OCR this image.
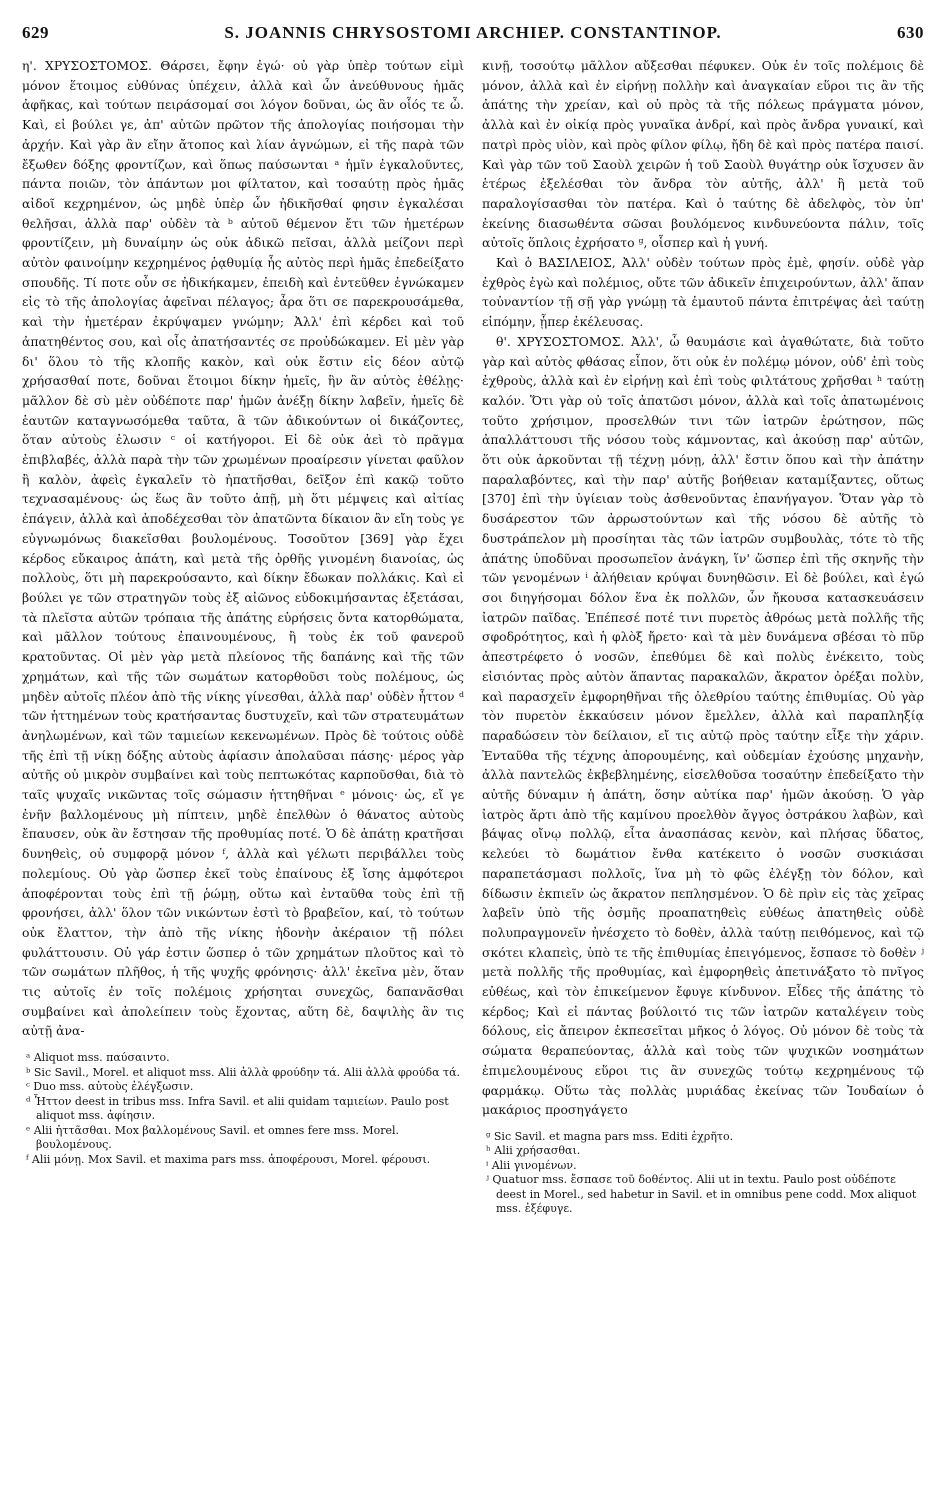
629	S. JOANNIS CHRYSOSTOMI ARCHIEP. CONSTANTINOP.	630

η'. ΧΡΥΣΟΣΤΟΜΟΣ. Θάρσει, ἔφην ἐγώ· οὐ γὰρ ὑπὲρ τούτων εἰμὶ μόνον ἕτοιμος εὐθύνας ὑπέχειν, ἀλλὰ καὶ ὧν ἀνεύθυνους ἡμᾶς ἀφῆκας, καὶ τούτων πειράσομαί σοι λόγον δοῦναι, ὡς ἂν οἷός τε ὦ. Καὶ, εἰ βούλει γε, ἀπ' αὐτῶν πρῶτον τῆς ἀπολογίας ποιήσομαι τὴν ἀρχήν. Καὶ γὰρ ἂν εἴην ἄτοπος καὶ λίαν ἀγνώμων, εἰ τῆς παρὰ τῶν ἔξωθεν δόξης φροντίζων, καὶ ὅπως παύσωνται ᵃ ἡμῖν ἐγκαλοῦντες, πάντα ποιῶν, τὸν ἁπάντων μοι φίλτατον, καὶ τοσαύτῃ πρὸς ἡμᾶς αἰδοῖ κεχρημένον, ὡς μηδὲ ὑπὲρ ὧν ἠδικῆσθαί φησιν ἐγκαλέσαι θελῆσαι, ἀλλὰ παρ' οὐδὲν τὰ ᵇ αὐτοῦ θέμενον ἔτι τῶν ἡμετέρων φροντίζειν, μὴ δυναίμην ὡς οὐκ ἀδικῶ πεῖσαι, ἀλλὰ μείζονι περὶ αὐτὸν φαινοίμην κεχρημένος ῥᾳθυμίᾳ ἧς αὐτὸς περὶ ἡμᾶς ἐπεδείξατο σπουδῆς. Τί ποτε οὖν σε ἠδικήκαμεν, ἐπειδὴ καὶ ἐντεῦθεν ἐγνώκαμεν εἰς τὸ τῆς ἀπολογίας ἀφεῖναι πέλαγος; ἆρα ὅτι σε παρεκρουσάμεθα, καὶ τὴν ἡμετέραν ἐκρύψαμεν γνώμην; Ἀλλ' ἐπὶ κέρδει καὶ τοῦ ἀπατηθέντος σου, καὶ οἷς ἀπατήσαντές σε προὐδώκαμεν. Εἰ μὲν γὰρ δι' ὅλου τὸ τῆς κλοπῆς κακὸν, καὶ οὐκ ἔστιν εἰς δέον αὐτῷ χρήσασθαί ποτε, δοῦναι ἕτοιμοι δίκην ἡμεῖς, ἣν ἂν αὐτὸς ἐθέλῃς· μᾶλλον δὲ σὺ μὲν οὐδέποτε παρ' ἡμῶν ἀνέξῃ δίκην λαβεῖν, ἡμεῖς δὲ ἑαυτῶν καταγνωσόμεθα ταῦτα, ἃ τῶν ἀδικούντων οἱ δικάζοντες, ὅταν αὐτοὺς ἐλωσιν ᶜ οἱ κατήγοροι. Εἰ δὲ οὐκ ἀεὶ τὸ πρᾶγμα ἐπιβλαβές, ἀλλὰ παρὰ τὴν τῶν χρωμένων προαίρεσιν γίνεται φαῦλον ἢ καλὸν, ἀφεὶς ἐγκαλεῖν τὸ ἠπατῆσθαι, δεῖξον ἐπὶ κακῷ τοῦτο τεχνασαμένους· ὡς ἕως ἂν τοῦτο ἀπῇ, μὴ ὅτι μέμψεις καὶ αἰτίας ἐπάγειν, ἀλλὰ καὶ ἀποδέχεσθαι τὸν ἀπατῶντα δίκαιον ἂν εἴη τοὺς γε εὐγνωμόνως διακεῖσθαι βουλομένους. Τοσοῦτον [369] γὰρ ἔχει κέρδος εὔκαιρος ἀπάτη, καὶ μετὰ τῆς ὀρθῆς γινομένη διανοίας, ὡς πολλοὺς, ὅτι μὴ παρεκρούσαντο, καὶ δίκην ἔδωκαν πολλάκις. Καὶ εἰ βούλει γε τῶν στρατηγῶν τοὺς ἐξ αἰῶνος εὐδοκιμήσαντας ἐξετάσαι, τὰ πλεῖστα αὐτῶν τρόπαια τῆς ἀπάτης εὑρήσεις ὄντα κατορθώματα, καὶ μᾶλλον τούτους ἐπαινουμένους, ἢ τοὺς ἐκ τοῦ φανεροῦ κρατοῦντας. Οἱ μὲν γὰρ μετὰ πλείονος τῆς δαπάνης καὶ τῆς τῶν χρημάτων, καὶ τῆς τῶν σωμάτων κατορθοῦσι τοὺς πολέμους, ὡς μηδὲν αὐτοῖς πλέον ἀπὸ τῆς νίκης γίνεσθαι, ἀλλὰ παρ' οὐδὲν ἧττον ᵈ τῶν ἡττημένων τοὺς κρατήσαντας δυστυχεῖν, καὶ τῶν στρατευμάτων ἀνηλωμένων, καὶ τῶν ταμιείων κεκενωμένων. Πρὸς δὲ τούτοις οὐδὲ τῆς ἐπὶ τῇ νίκῃ δόξης αὐτοὺς ἀφίασιν ἀπολαῦσαι πάσης· μέρος γὰρ αὐτῆς οὐ μικρὸν συμβαίνει καὶ τοὺς πεπτωκότας καρποῦσθαι, διὰ τὸ ταῖς ψυχαῖς νικῶντας τοῖς σώμασιν ἡττηθῆναι ᵉ μόνοις· ὡς, εἴ γε ἐνῆν βαλλομένους μὴ πίπτειν, μηδὲ ἐπελθὼν ὁ θάνατος αὐτοὺς ἔπαυσεν, οὐκ ἂν ἔστησαν τῆς προθυμίας ποτέ. Ὁ δὲ ἀπάτῃ κρατῆσαι δυνηθεὶς, οὐ συμφορᾷ μόνον ᶠ, ἀλλὰ καὶ γέλωτι περιβάλλει τοὺς πολεμίους. Οὐ γὰρ ὥσπερ ἐκεῖ τοὺς ἐπαίνους ἐξ ἴσης ἀμφότεροι ἀποφέρονται τοὺς ἐπὶ τῇ ῥώμῃ, οὕτω καὶ ἐνταῦθα τοὺς ἐπὶ τῇ φρονήσει, ἀλλ' ὅλον τῶν νικώντων ἐστὶ τὸ βραβεῖον, καί, τὸ τούτων οὐκ ἔλαττον, τὴν ἀπὸ τῆς νίκης ἡδονὴν ἀκέραιον τῇ πόλει φυλάττουσιν. Οὐ γάρ ἐστιν ὥσπερ ὁ τῶν χρημάτων πλοῦτος καὶ τὸ τῶν σωμάτων πλῆθος, ἡ τῆς ψυχῆς φρόνησις· ἀλλ' ἐκεῖνα μὲν, ὅταν τις αὐτοῖς ἐν τοῖς πολέμοις χρήσηται συνεχῶς, δαπανᾶσθαι συμβαίνει καὶ ἀπολείπειν τοὺς ἔχοντας, αὕτη δὲ, δαψιλὴς ἂν τις αὐτῇ ἀνα-

ᵃ Aliquot mss. παύσαιντο.

ᵇ Sic Savil., Morel. et aliquot mss. Alii ἀλλὰ φρούδην τά. Alii ἀλλὰ φρούδα τά.

ᶜ Duo mss. αὐτοὺς ἐλέγξωσιν.

ᵈ Ἧττον deest in tribus mss. Infra Savil. et alii quidam ταμιείων. Paulo post aliquot mss. ἀφίησιν.

ᵉ Alii ἡττᾶσθαι. Mox βαλλομένους Savil. et omnes fere mss. Morel. βουλομένους.

ᶠ Alii μόνῃ. Mox Savil. et maxima pars mss. ἀποφέρουσι, Morel. φέρουσι.

κινῇ, τοσούτῳ μᾶλλον αὔξεσθαι πέφυκεν. Οὐκ ἐν τοῖς πολέμοις δὲ μόνον, ἀλλὰ καὶ ἐν εἰρήνῃ πολλὴν καὶ ἀναγκαίαν εὕροι τις ἂν τῆς ἀπάτης τὴν χρείαν, καὶ οὐ πρὸς τὰ τῆς πόλεως πράγματα μόνον, ἀλλὰ καὶ ἐν οἰκίᾳ πρὸς γυναῖκα ἀνδρί, καὶ πρὸς ἄνδρα γυναικί, καὶ πατρὶ πρὸς υἱὸν, καὶ πρὸς φίλον φίλῳ, ἤδη δὲ καὶ πρὸς πατέρα παισί. Καὶ γὰρ τῶν τοῦ Σαοὺλ χειρῶν ἡ τοῦ Σαοὺλ θυγάτηρ οὐκ ἴσχυσεν ἂν ἑτέρως ἐξελέσθαι τὸν ἄνδρα τὸν αὐτῆς, ἀλλ' ἢ μετὰ τοῦ παραλογίσασθαι τὸν πατέρα. Καὶ ὁ ταύτης δὲ ἀδελφὸς, τὸν ὑπ' ἐκείνης διασωθέντα σῶσαι βουλόμενος κινδυνεύοντα πάλιν, τοῖς αὐτοῖς ὅπλοις ἐχρήσατο ᵍ, οἷσπερ καὶ ἡ γυνή.

Καὶ ὁ ΒΑΣΙΛΕΙΟΣ, Ἀλλ' οὐδὲν τούτων πρὸς ἐμὲ, φησίν. οὐδὲ γὰρ ἐχθρὸς ἐγὼ καὶ πολέμιος, οὔτε τῶν ἀδικεῖν ἐπιχειρούντων, ἀλλ' ἅπαν τοὐναντίον τῇ σῇ γὰρ γνώμῃ τὰ ἐμαυτοῦ πάντα ἐπιτρέψας ἀεὶ ταύτῃ εἱπόμην, ᾗπερ ἐκέλευσας.

θ'. ΧΡΥΣΟΣΤΟΜΟΣ. Ἀλλ', ὦ θαυμάσιε καὶ ἀγαθώτατε, διὰ τοῦτο γὰρ καὶ αὐτὸς φθάσας εἶπον, ὅτι οὐκ ἐν πολέμῳ μόνον, οὐδ' ἐπὶ τοὺς ἐχθροὺς, ἀλλὰ καὶ ἐν εἰρήνῃ καὶ ἐπὶ τοὺς φιλτάτους χρῆσθαι ʰ ταύτῃ καλόν. Ὅτι γὰρ οὐ τοῖς ἀπατῶσι μόνον, ἀλλὰ καὶ τοῖς ἀπατωμένοις τοῦτο χρήσιμον, προσελθών τινι τῶν ἰατρῶν ἐρώτησον, πῶς ἀπαλλάττουσι τῆς νόσου τοὺς κάμνοντας, καὶ ἀκούσῃ παρ' αὐτῶν, ὅτι οὐκ ἀρκοῦνται τῇ τέχνῃ μόνῃ, ἀλλ' ἔστιν ὅπου καὶ τὴν ἀπάτην παραλαβόντες, καὶ τὴν παρ' αὐτῆς βοήθειαν καταμίξαντες, οὕτως [370] ἐπὶ τὴν ὑγίειαν τοὺς ἀσθενοῦντας ἐπανήγαγον. Ὅταν γὰρ τὸ δυσάρεστον τῶν ἀρρωστούντων καὶ τῆς νόσου δὲ αὐτῆς τὸ δυστράπελον μὴ προσίηται τὰς τῶν ἰατρῶν συμβουλὰς, τότε τὸ τῆς ἀπάτης ὑποδῦναι προσωπεῖον ἀνάγκη, ἵν' ὥσπερ ἐπὶ τῆς σκηνῆς τὴν τῶν γενομένων ⁱ ἀλήθειαν κρύψαι δυνηθῶσιν. Εἰ δὲ βούλει, καὶ ἐγώ σοι διηγήσομαι δόλον ἕνα ἐκ πολλῶν, ὧν ἤκουσα κατασκευάσειν ἰατρῶν παῖδας. Ἐπέπεσέ ποτέ τινι πυρετὸς ἀθρόως μετὰ πολλῆς τῆς σφοδρότητος, καὶ ἡ φλὸξ ἤρετο· καὶ τὰ μὲν δυνάμενα σβέσαι τὸ πῦρ ἀπεστρέφετο ὁ νοσῶν, ἐπεθύμει δὲ καὶ πολὺς ἐνέκειτο, τοὺς εἰσιόντας πρὸς αὐτὸν ἅπαντας παρακαλῶν, ἄκρατον ὀρέξαι πολὺν, καὶ παρασχεῖν ἐμφορηθῆναι τῆς ὀλεθρίου ταύτης ἐπιθυμίας. Οὐ γὰρ τὸν πυρετὸν ἐκκαύσειν μόνον ἔμελλεν, ἀλλὰ καὶ παραπληξίᾳ παραδώσειν τὸν δείλαιον, εἴ τις αὐτῷ πρὸς ταύτην εἶξε τὴν χάριν. Ἐνταῦθα τῆς τέχνης ἀπορουμένης, καὶ οὐδεμίαν ἐχούσης μηχανὴν, ἀλλὰ παντελῶς ἐκβεβλημένης, εἰσελθοῦσα τοσαύτην ἐπεδείξατο τὴν αὐτῆς δύναμιν ἡ ἀπάτη, ὅσην αὐτίκα παρ' ἡμῶν ἀκούσῃ. Ὁ γὰρ ἰατρὸς ἄρτι ἀπὸ τῆς καμίνου προελθὸν ἄγγος ὀστράκου λαβὼν, καὶ βάψας οἴνῳ πολλῷ, εἶτα ἀνασπάσας κενὸν, καὶ πλήσας ὕδατος, κελεύει τὸ δωμάτιον ἔνθα κατέκειτο ὁ νοσῶν συσκιάσαι παραπετάσμασι πολλοῖς, ἵνα μὴ τὸ φῶς ἐλέγξῃ τὸν δόλον, καὶ δίδωσιν ἐκπιεῖν ὡς ἄκρατον πεπλησμένον. Ὁ δὲ πρὶν εἰς τὰς χεῖρας λαβεῖν ὑπὸ τῆς ὀσμῆς προαπατηθεὶς εὐθέως ἀπατηθεὶς οὐδὲ πολυπραγμονεῖν ἠνέσχετο τὸ δοθὲν, ἀλλὰ ταύτῃ πειθόμενος, καὶ τῷ σκότει κλαπεὶς, ὑπὸ τε τῆς ἐπιθυμίας ἐπειγόμενος, ἔσπασε τὸ δοθὲν ʲ μετὰ πολλῆς τῆς προθυμίας, καὶ ἐμφορηθεὶς ἀπετινάξατο τὸ πνῖγος εὐθέως, καὶ τὸν ἐπικείμενον ἔφυγε κίνδυνον. Εἶδες τῆς ἀπάτης τὸ κέρδος; Καὶ εἰ πάντας βούλοιτό τις τῶν ἰατρῶν καταλέγειν τοὺς δόλους, εἰς ἄπειρον ἐκπεσεῖται μῆκος ὁ λόγος. Οὐ μόνον δὲ τοὺς τὰ σώματα θεραπεύοντας, ἀλλὰ καὶ τοὺς τῶν ψυχικῶν νοσημάτων ἐπιμελουμένους εὕροι τις ἂν συνεχῶς τούτῳ κεχρημένους τῷ φαρμάκῳ. Οὕτω τὰς πολλὰς μυριάδας ἐκείνας τῶν Ἰουδαίων ὁ μακάριος προσηγάγετο

ᵍ Sic Savil. et magna pars mss. Editi ἐχρῆτο.

ʰ Alii χρήσασθαι.

ⁱ Alii γινομένων.

ʲ Quatuor mss. ἔσπασε τοῦ δοθέντος. Alii ut in textu. Paulo post οὐδέποτε deest in Morel., sed habetur in Savil. et in omnibus pene codd. Mox aliquot mss. ἐξέφυγε.
